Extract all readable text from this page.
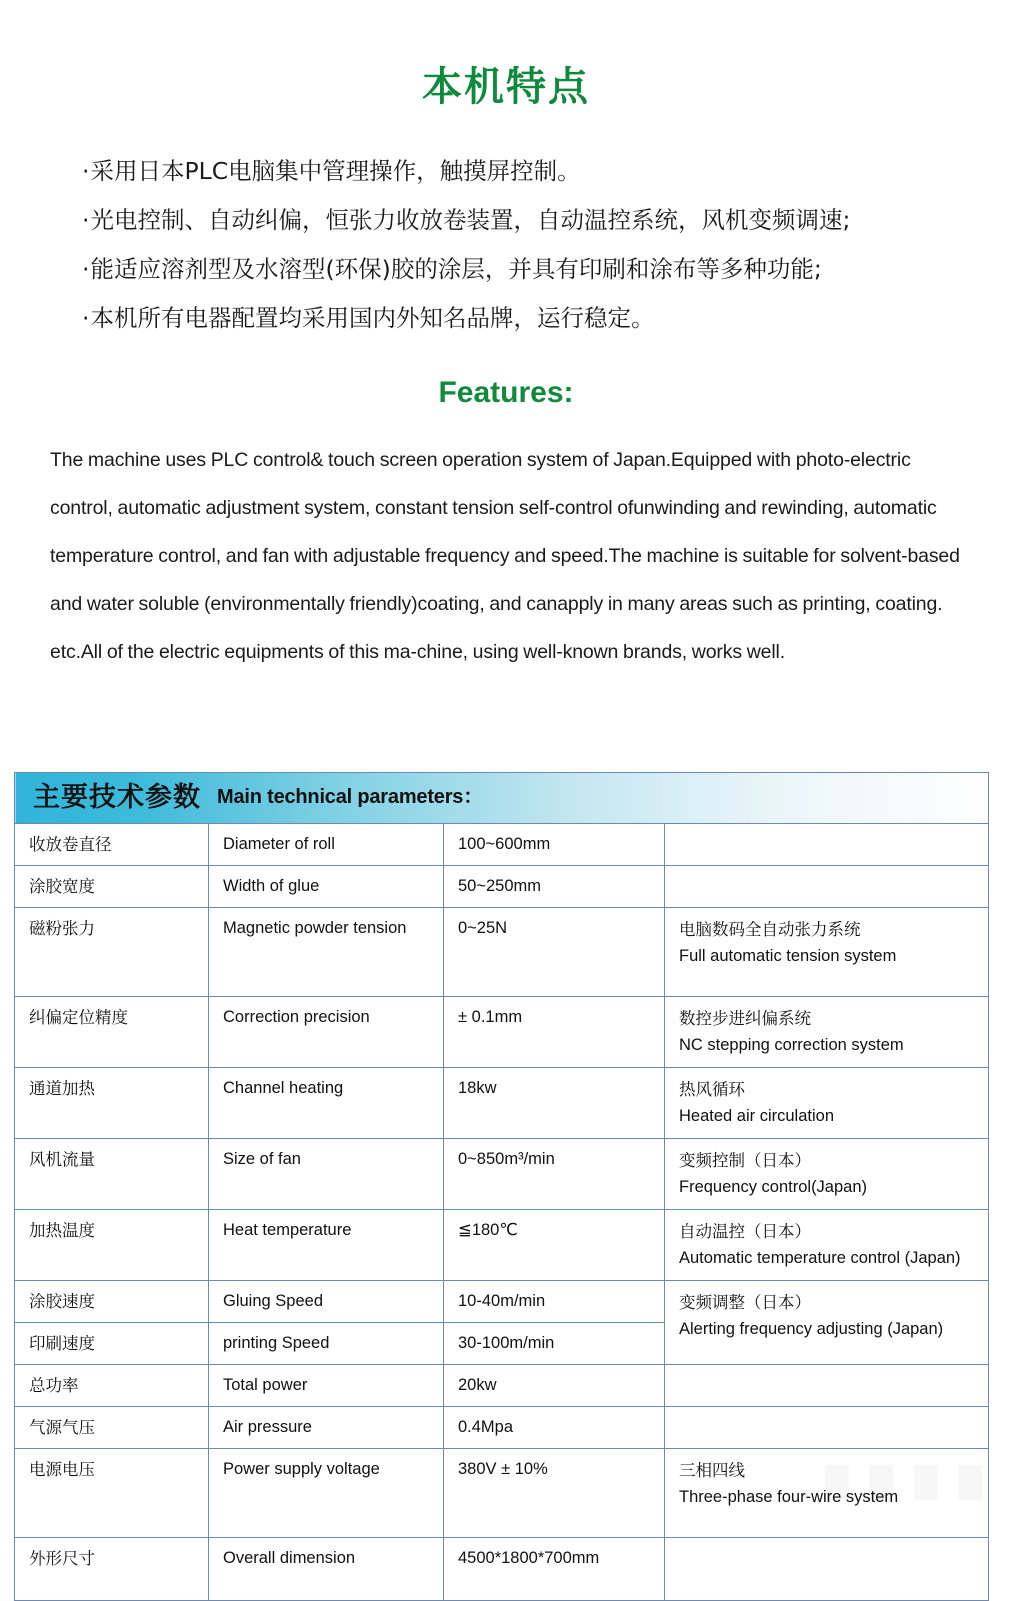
本机特点
·采用日本PLC电脑集中管理操作，触摸屏控制。
·光电控制、自动纠偏，恒张力收放卷装置，自动温控系统，风机变频调速;
·能适应溶剂型及水溶型(环保)胶的涂层，并具有印刷和涂布等多种功能;
·本机所有电器配置均采用国内外知名品牌，运行稳定。
Features:

The machine uses PLC control& touch screen operation system of Japan.Equipped with photo-electric control, automatic adjustment system, constant tension self-control ofunwinding and rewinding, automatic temperature control, and fan with adjustable frequency and speed.The machine is suitable for solvent-based and water soluble (environmentally friendly)coating, and canapply in many areas such as printing, coating. etc.All of the electric equipments of this ma-chine, using well-known brands, works well.

主要技术参数 Main technical parameters：			

收放卷直径	Diameter of roll	100~600mm	

涂胶宽度	Width of glue	50~250mm	

磁粉张力	Magnetic powder tension	0~25N	电脑数码全自动张力系统
Full automatic tension system

纠偏定位精度	Correction precision	± 0.1mm	数控步进纠偏系统
NC stepping correction system

通道加热	Channel heating	18kw	热风循环
Heated air circulation

风机流量	Size of fan	0~850m³/min	变频控制（日本）
Frequency control(Japan)

加热温度	Heat temperature	≦180℃	自动温控（日本）
Automatic temperature control (Japan)

涂胶速度	Gluing Speed	10-40m/min	变频调整（日本）
Alerting frequency adjusting (Japan)

印刷速度	printing Speed	30-100m/min	
总功率	Total power	20kw	

气源气压	Air pressure	0.4Mpa	

电源电压	Power supply voltage	380V ± 10%	三相四线
Three-phase four-wire system

外形尺寸	Overall dimension	4500*1800*700mm	
